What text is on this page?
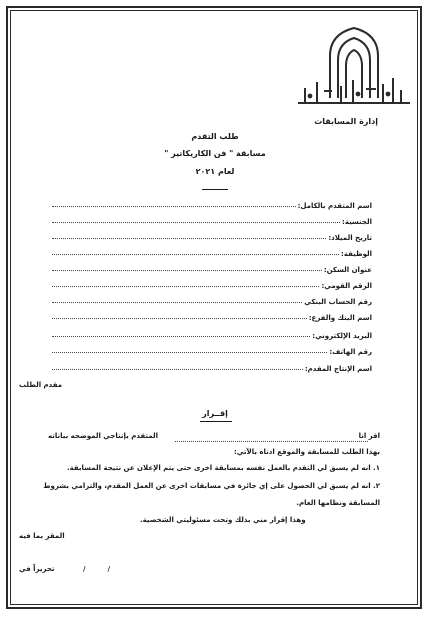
المجلس الأعلى للثقافة
إدارة المسابقات
طلب التقدم
مسابقة " فن الكاريكاتير "
لعام ٢٠٢١
اسم المتقدم بالكامل:
الجنسية:
تاريخ الميلاد:
الوظيفة:
عنوان السكن:
الرقم القومي:
رقم الحساب البنكي
اسم البنك والفرع:
البريد الإلكتروني:
رقم الهاتف:
اسم الإنتاج المقدم:
مقدم الطلب
إقــرار
اقر انا
المتقدم بإنتاجي الموضحه بياناته
بهذا الطلب للمسابقة والموقع ادناه بالآتي:
١. انه لم يسبق لي التقدم بالعمل نفسه بمسابقة اخرى حتى يتم الإعلان عن نتيجة المسابقة.
٢. انه لم يسبق لي الحصول على إي جائزة في مسابقات اخرى عن العمل المقدم، والتزامي بشروط
المسابقة ونظامها العام.
وهذا إقرار مني بذلك وتحت مسئوليتي الشخصية.
المقر بما فيه
تحريراً في	/         /
